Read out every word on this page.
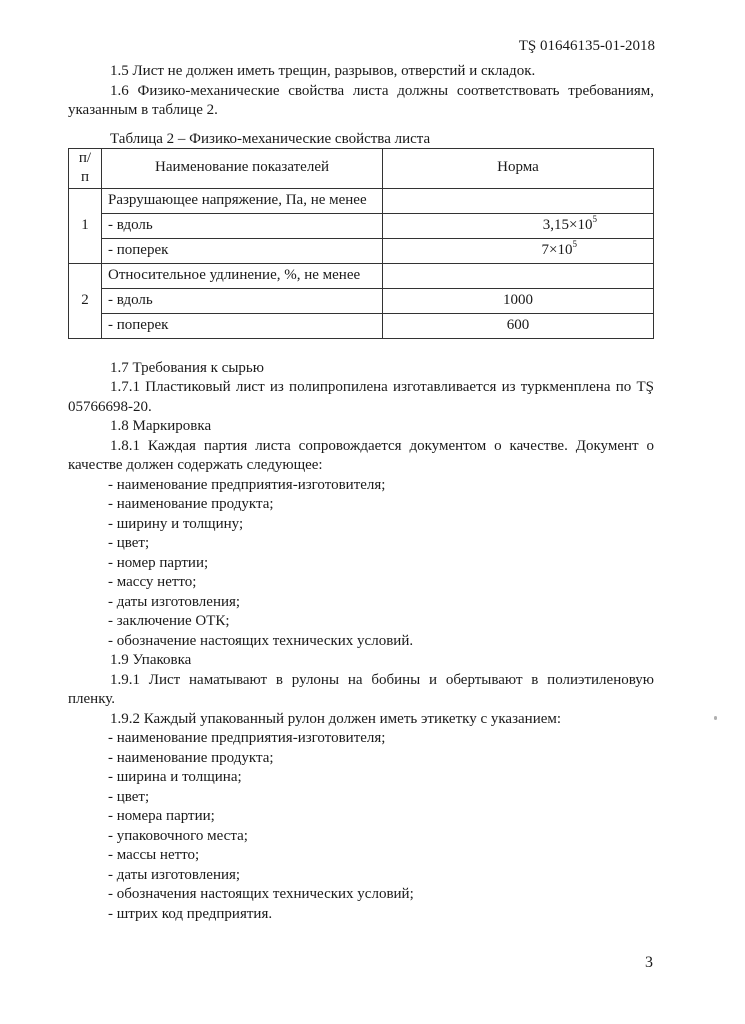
TŞ 01646135-01-2018

1.5 Лист не должен иметь трещин, разрывов, отверстий и складок.

1.6 Физико-механические свойства листа должны соответствовать требованиям, указанным в таблице 2.

Таблица 2 – Физико-механические свойства листа
п/п	Наименование показателей	Норма
1	Разрушающее напряжение, Па, не менее	
	- вдоль	$3,15\times 10^5$
	- поперек	$7\times 10^5$
2	Относительное удлинение, %, не менее	
	- вдоль	1000
	- поперек	600

1.7 Требования к сырью

1.7.1 Пластиковый лист из полипропилена изготавливается из туркменплена по TŞ 05766698-20.

1.8 Маркировка

1.8.1 Каждая партия листа сопровождается документом о качестве. Документ о качестве должен содержать следующее:

- наименование предприятия-изготовителя;

- наименование продукта;

- ширину и толщину;

- цвет;

- номер партии;

- массу нетто;

- даты изготовления;

- заключение ОТК;

- обозначение настоящих технических условий.

1.9 Упаковка

1.9.1 Лист наматывают в рулоны на бобины и обертывают в полиэтиленовую пленку.

1.9.2 Каждый упакованный рулон должен иметь этикетку с указанием:

- наименование предприятия-изготовителя;

- наименование продукта;

- ширина и толщина;

- цвет;

- номера партии;

- упаковочного места;

- массы нетто;

- даты изготовления;

- обозначения настоящих технических условий;

- штрих код предприятия.

3
